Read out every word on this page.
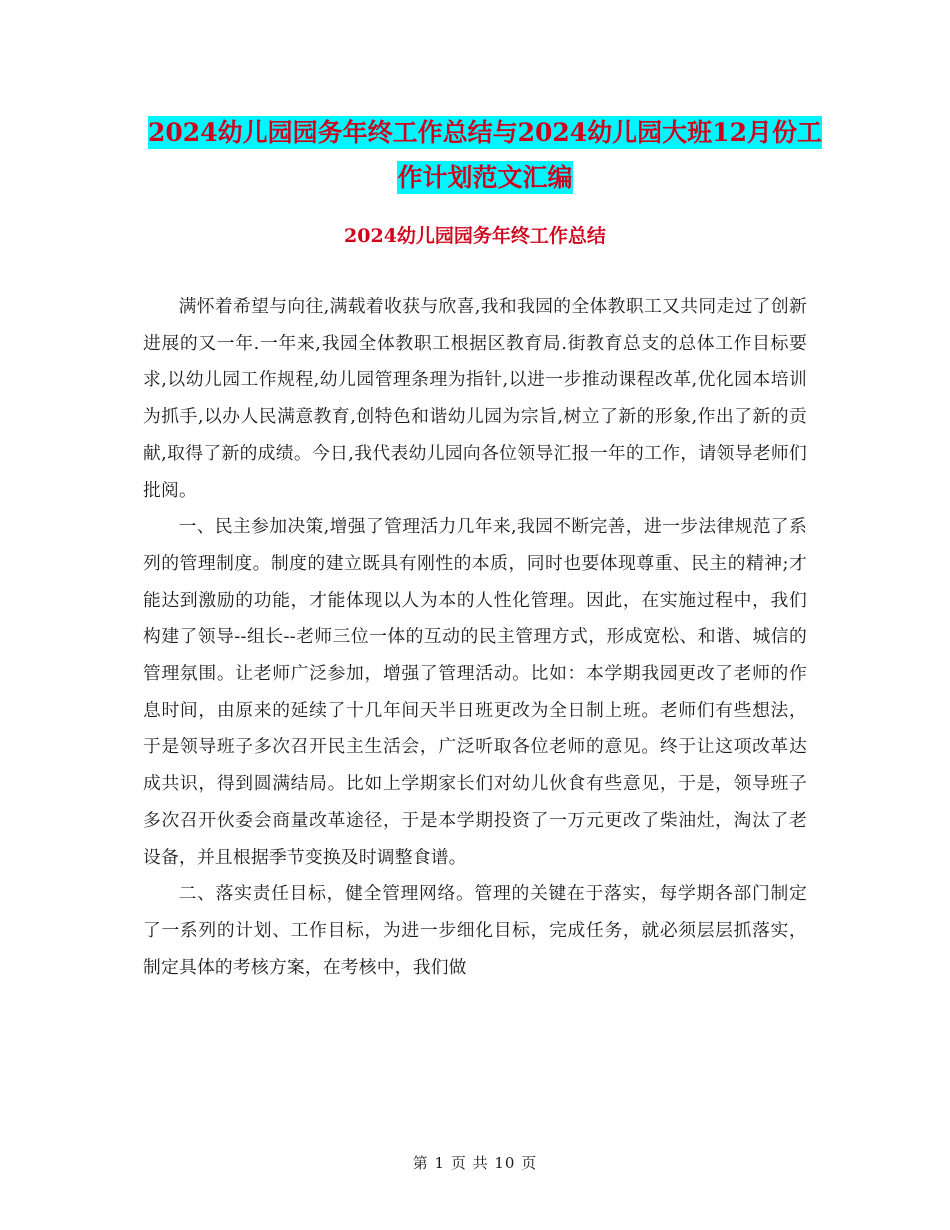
2024幼儿园园务年终工作总结与2024幼儿园大班12月份工作计划范文汇编
2024幼儿园园务年终工作总结

满怀着希望与向往,满载着收获与欣喜,我和我园的全体教职工又共同走过了创新进展的又一年.一年来,我园全体教职工根据区教育局.街教育总支的总体工作目标要求,以幼儿园工作规程,幼儿园管理条理为指针,以进一步推动课程改革,优化园本培训为抓手,以办人民满意教育,创特色和谐幼儿园为宗旨,树立了新的形象,作出了新的贡献,取得了新的成绩。今日,我代表幼儿园向各位领导汇报一年的工作，请领导老师们批阅。

一、民主参加决策,增强了管理活力几年来,我园不断完善，进一步法律规范了系列的管理制度。制度的建立既具有刚性的本质，同时也要体现尊重、民主的精神;才能达到激励的功能，才能体现以人为本的人性化管理。因此，在实施过程中，我们构建了领导--组长--老师三位一体的互动的民主管理方式，形成宽松、和谐、城信的管理氛围。让老师广泛参加，增强了管理活动。比如：本学期我园更改了老师的作息时间，由原来的延续了十几年间天半日班更改为全日制上班。老师们有些想法，于是领导班子多次召开民主生活会，广泛听取各位老师的意见。终于让这项改革达成共识，得到圆满结局。比如上学期家长们对幼儿伙食有些意见，于是，领导班子多次召开伙委会商量改革途径，于是本学期投资了一万元更改了柴油灶，淘汰了老设备，并且根据季节变换及时调整食谱。

二、落实责任目标，健全管理网络。管理的关键在于落实，每学期各部门制定了一系列的计划、工作目标，为进一步细化目标，完成任务，就必须层层抓落实，制定具体的考核方案，在考核中，我们做

第 1 页 共 10 页
